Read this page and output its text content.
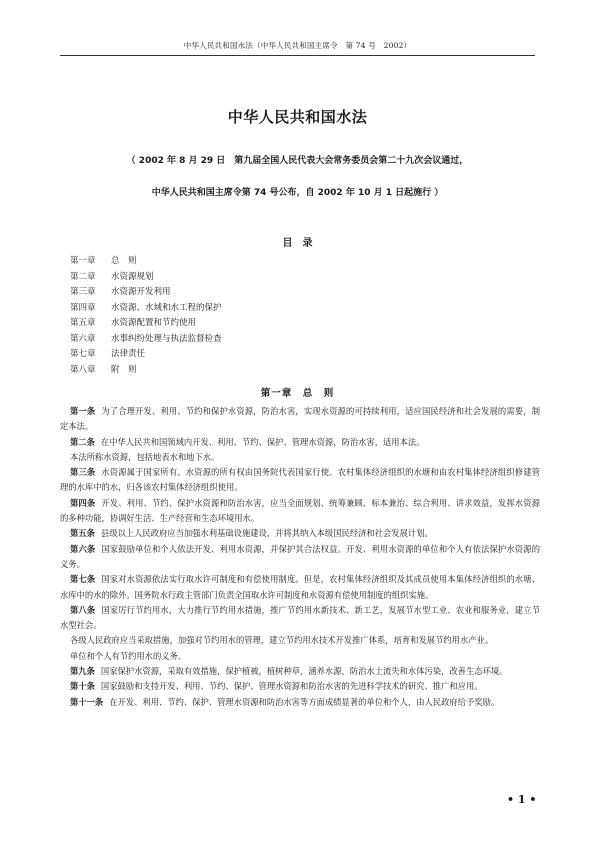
中华人民共和国水法（中华人民共和国主席令　第 74 号　2002）
中华人民共和国水法
（ 2002 年 8 月 29 日　第九届全国人民代表大会常务委员会第二十九次会议通过，
中华人民共和国主席令第 74 号公布，自 2002 年 10 月 1 日起施行 ）
目录
第一章 总　则
第二章 水资源规划
第三章 水资源开发利用
第四章 水资源、水域和水工程的保护
第五章 水资源配置和节约使用
第六章 水事纠纷处理与执法监督检查
第七章 法律责任
第八章 附　则
第一章　总　则

第一条 为了合理开发、利用、节约和保护水资源，防治水害，实现水资源的可持续利用，适应国民经济和社会发展的需要，制定本法。

第二条 在中华人民共和国领域内开发、利用、节约、保护、管理水资源，防治水害，适用本法。

本法所称水资源，包括地表水和地下水。

第三条 水资源属于国家所有。水资源的所有权由国务院代表国家行使。农村集体经济组织的水塘和由农村集体经济组织修建管理的水库中的水，归各该农村集体经济组织使用。

第四条 开发、利用、节约、保护水资源和防治水害，应当全面规划、统筹兼顾、标本兼治、综合利用、讲求效益，发挥水资源的多种功能，协调好生活、生产经营和生态环境用水。

第五条 县级以上人民政府应当加强水利基础设施建设，并将其纳入本级国民经济和社会发展计划。

第六条 国家鼓励单位和个人依法开发、利用水资源，并保护其合法权益。开发、利用水资源的单位和个人有依法保护水资源的义务。

第七条 国家对水资源依法实行取水许可制度和有偿使用制度。但是，农村集体经济组织及其成员使用本集体经济组织的水塘、水库中的水的除外。国务院水行政主管部门负责全国取水许可制度和水资源有偿使用制度的组织实施。

第八条 国家厉行节约用水，大力推行节约用水措施，推广节约用水新技术、新工艺，发展节水型工业、农业和服务业，建立节水型社会。

各级人民政府应当采取措施，加强对节约用水的管理，建立节约用水技术开发推广体系，培育和发展节约用水产业。

单位和个人有节约用水的义务。

第九条 国家保护水资源，采取有效措施，保护植被，植树种草，涵养水源，防治水土流失和水体污染，改善生态环境。

第十条 国家鼓励和支持开发、利用、节约、保护、管理水资源和防治水害的先进科学技术的研究、推广和应用。

第十一条 在开发、利用、节约、保护、管理水资源和防治水害等方面成绩显著的单位和个人，由人民政府给予奖励。

• 1 •
